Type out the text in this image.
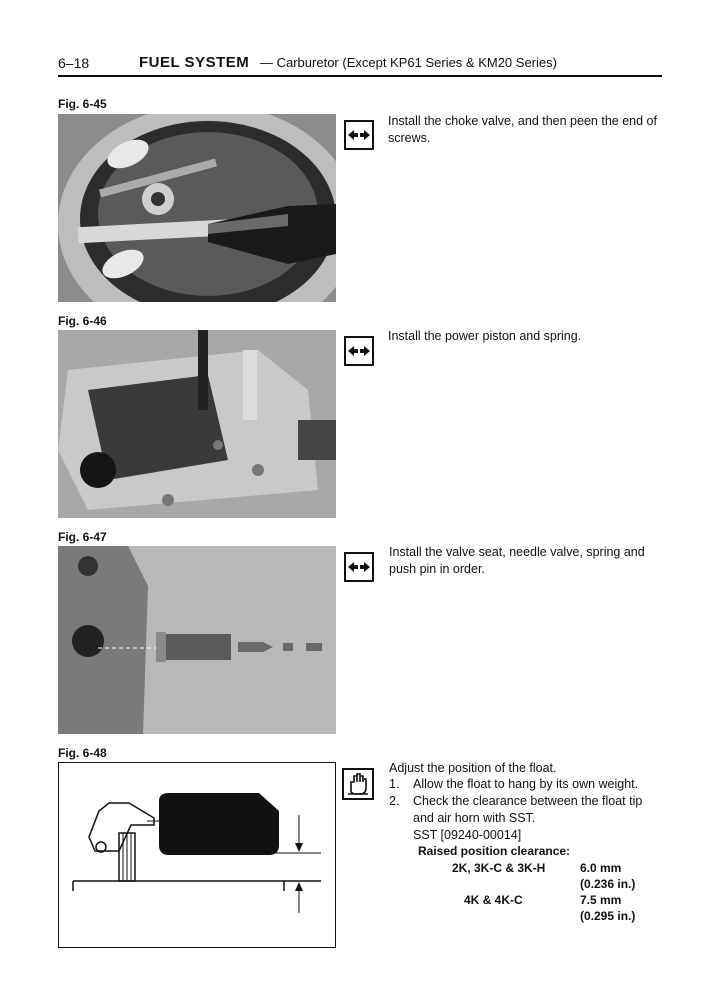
6–18	FUEL SYSTEM — Carburetor (Except KP61 Series & KM20 Series)
Fig. 6-45
Install the choke valve, and then peen the end of screws.
Fig. 6-46
Install the power piston and spring.
Fig. 6-47
Install the valve seat, needle valve, spring and push pin in order.
Fig. 6-48
Adjust the position of the float.
1.	Allow the float to hang by its own weight.
2.	Check the clearance between the float tip and air horn with SST.
SST [09240-00014]
Raised position clearance:
2K, 3K-C & 3K-H	6.0 mm
(0.236 in.)
4K & 4K-C	7.5 mm
(0.295 in.)
